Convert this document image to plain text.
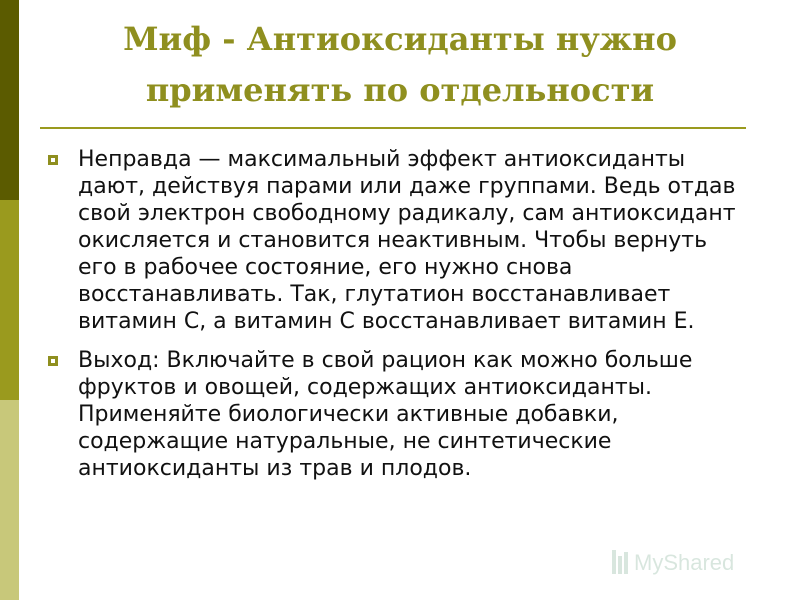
Миф - Антиоксиданты нужно
применять по отдельности

Неправда — максимальный эффект антиоксиданты дают, действуя парами или даже группами. Ведь отдав свой электрон свободному радикалу, сам антиоксидант окисляется и становится неактивным. Чтобы вернуть его в рабочее состояние, его нужно снова восстанавливать. Так, глутатион восстанавливает витамин С, а витамин С восстанавливает витамин Е.

Выход: Включайте в свой рацион как можно больше фруктов и овощей, содержащих антиоксиданты. Применяйте биологически активные добавки, содержащие натуральные, не синтетические антиоксиданты из трав и плодов.

MyShared
